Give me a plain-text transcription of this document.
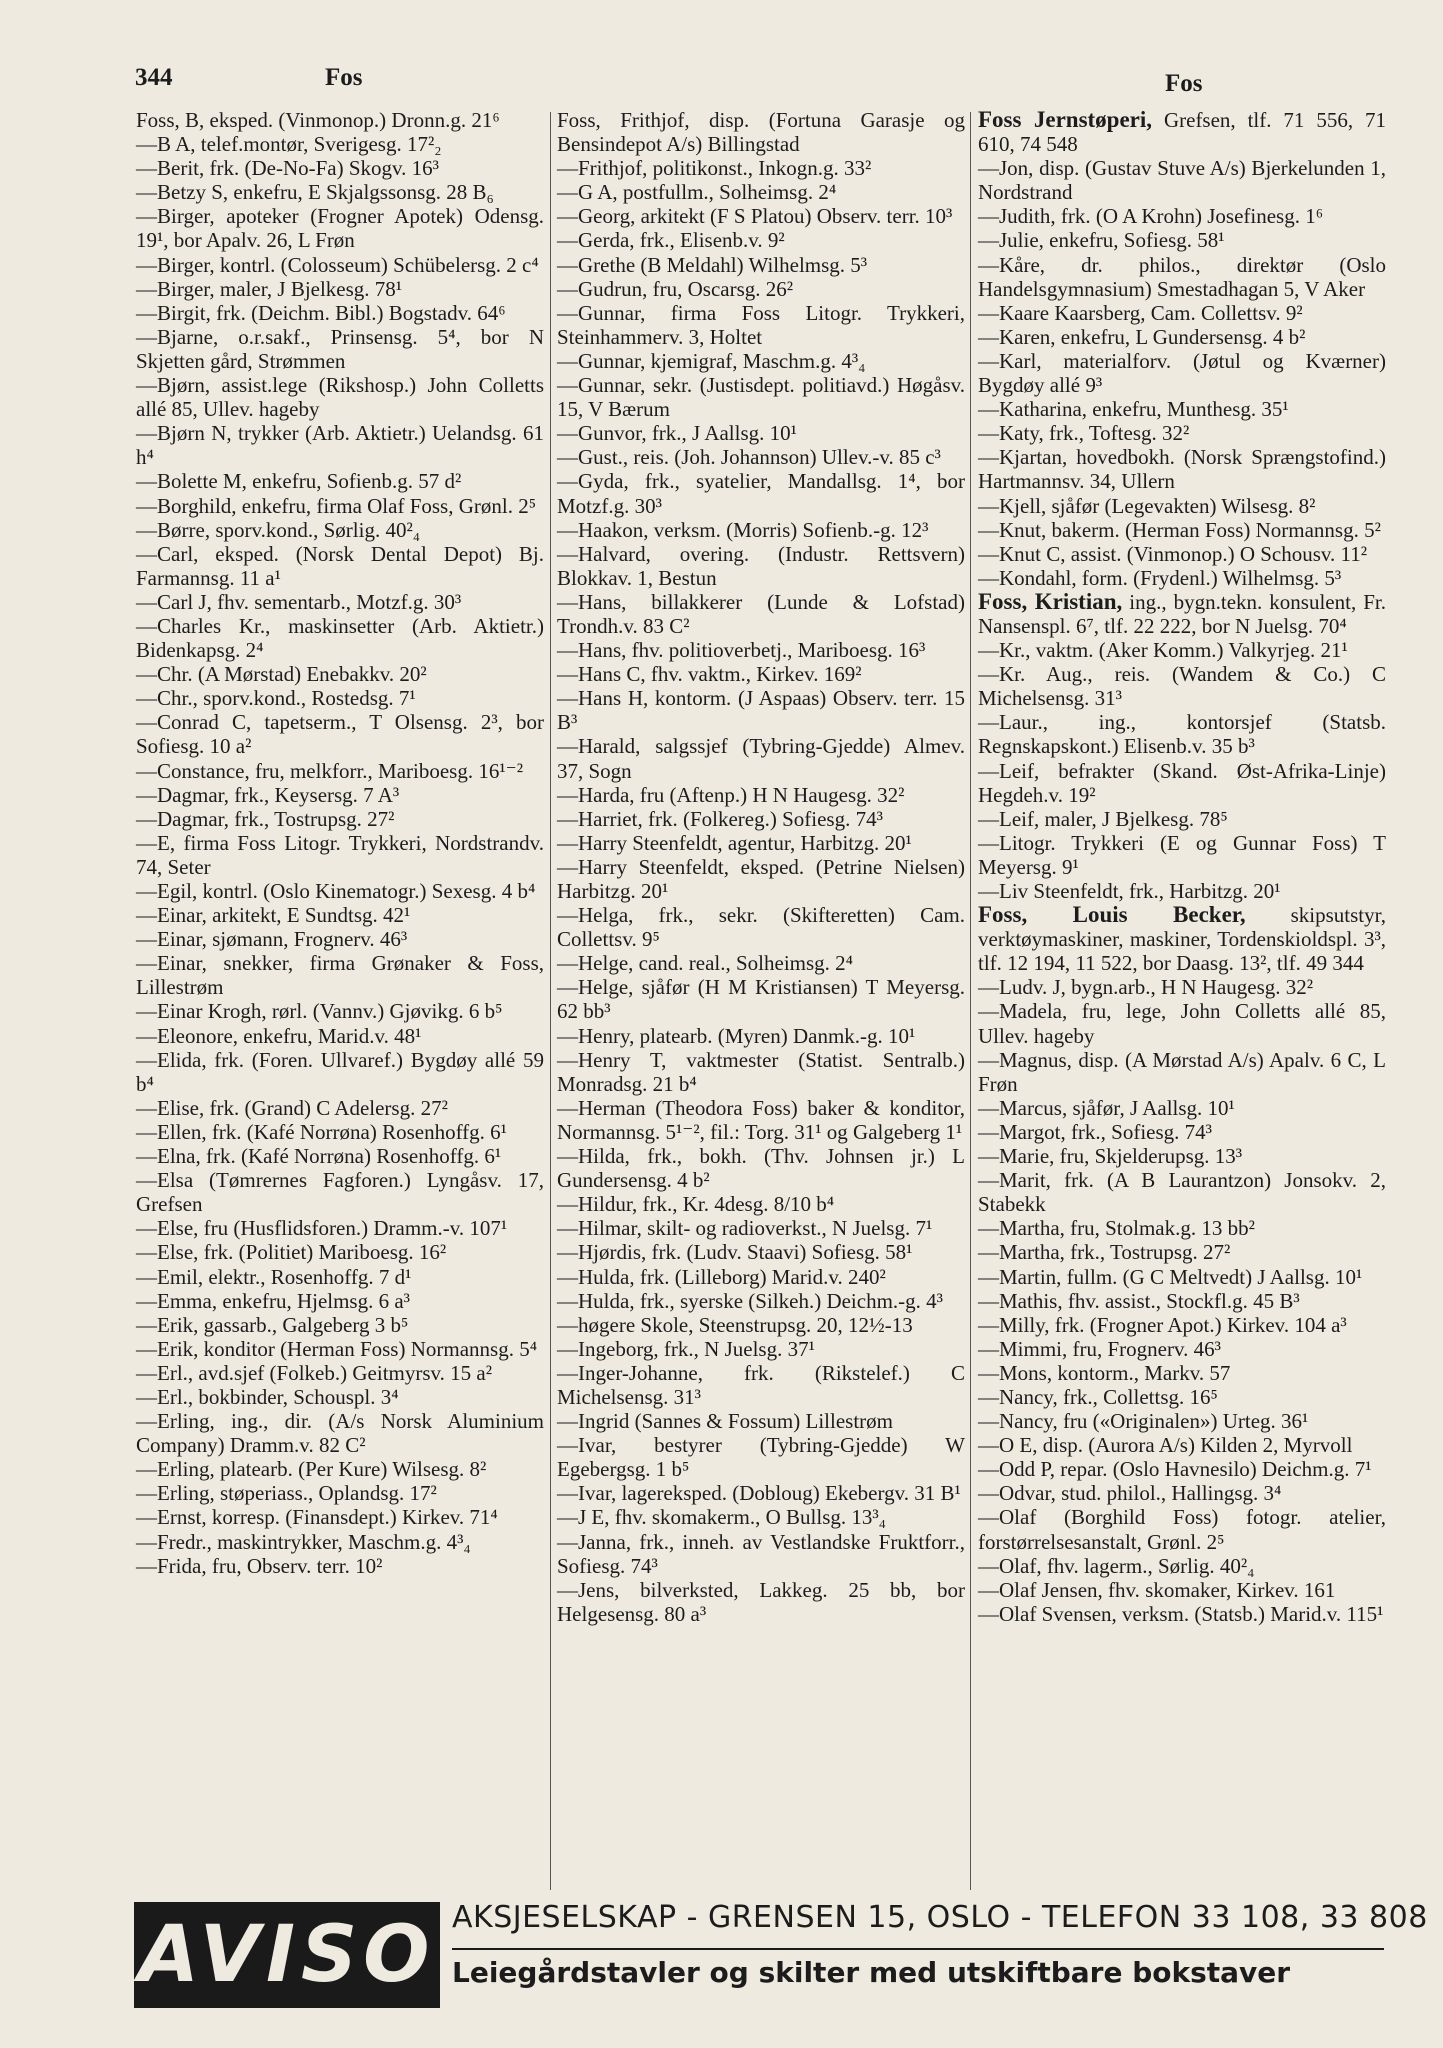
344	Fos	Fos
Foss, B, eksped. (Vinmonop.) Dronn.g. 21⁶
—B A, telef.montør, Sverigesg. 17²₂
—Berit, frk. (De-No-Fa) Skogv. 16³
—Betzy S, enkefru, E Skjalgssonsg. 28 B₆
—Birger, apoteker (Frogner Apotek) Odensg. 19¹, bor Apalv. 26, L Frøn
—Birger, kontrl. (Colosseum) Schübelersg. 2 c⁴
—Birger, maler, J Bjelkesg. 78¹
—Birgit, frk. (Deichm. Bibl.) Bogstadv. 64⁶
—Bjarne, o.r.sakf., Prinsensg. 5⁴, bor N Skjetten gård, Strømmen
—Bjørn, assist.lege (Rikshosp.) John Colletts allé 85, Ullev. hageby
—Bjørn N, trykker (Arb. Aktietr.) Uelandsg. 61 h⁴
—Bolette M, enkefru, Sofienb.g. 57 d²
—Borghild, enkefru, firma Olaf Foss, Grønl. 2⁵
—Børre, sporv.kond., Sørlig. 40²₄
—Carl, eksped. (Norsk Dental Depot) Bj. Farmannsg. 11 a¹
—Carl J, fhv. sementarb., Motzf.g. 30³
—Charles Kr., maskinsetter (Arb. Aktietr.) Bidenkapsg. 2⁴
—Chr. (A Mørstad) Enebakkv. 20²
—Chr., sporv.kond., Rostedsg. 7¹
—Conrad C, tapetserm., T Olsensg. 2³, bor Sofiesg. 10 a²
—Constance, fru, melkforr., Mariboesg. 16¹⁻²
—Dagmar, frk., Keysersg. 7 A³
—Dagmar, frk., Tostrupsg. 27²
—E, firma Foss Litogr. Trykkeri, Nordstrandv. 74, Seter
—Egil, kontrl. (Oslo Kinematogr.) Sexesg. 4 b⁴
—Einar, arkitekt, E Sundtsg. 42¹
—Einar, sjømann, Frognerv. 46³
—Einar, snekker, firma Grønaker & Foss, Lillestrøm
—Einar Krogh, rørl. (Vannv.) Gjøvikg. 6 b⁵
—Eleonore, enkefru, Marid.v. 48¹
—Elida, frk. (Foren. Ullvaref.) Bygdøy allé 59 b⁴
—Elise, frk. (Grand) C Adelersg. 27²
—Ellen, frk. (Kafé Norrøna) Rosenhoffg. 6¹
—Elna, frk. (Kafé Norrøna) Rosenhoffg. 6¹
—Elsa (Tømrernes Fagforen.) Lyngåsv. 17, Grefsen
—Else, fru (Husflidsforen.) Dramm.-v. 107¹
—Else, frk. (Politiet) Mariboesg. 16²
—Emil, elektr., Rosenhoffg. 7 d¹
—Emma, enkefru, Hjelmsg. 6 a³
—Erik, gassarb., Galgeberg 3 b⁵
—Erik, konditor (Herman Foss) Normannsg. 5⁴
—Erl., avd.sjef (Folkeb.) Geitmyrsv. 15 a²
—Erl., bokbinder, Schouspl. 3⁴
—Erling, ing., dir. (A/s Norsk Aluminium Company) Dramm.v. 82 C²
—Erling, platearb. (Per Kure) Wilsesg. 8²
—Erling, støperiass., Oplandsg. 17²
—Ernst, korresp. (Finansdept.) Kirkev. 71⁴
—Fredr., maskintrykker, Maschm.g. 4³₄
—Frida, fru, Observ. terr. 10²
Foss, Frithjof, disp. (Fortuna Garasje og Bensindepot A/s) Billingstad
—Frithjof, politikonst., Inkogn.g. 33²
—G A, postfullm., Solheimsg. 2⁴
—Georg, arkitekt (F S Platou) Observ. terr. 10³
—Gerda, frk., Elisenb.v. 9²
—Grethe (B Meldahl) Wilhelmsg. 5³
—Gudrun, fru, Oscarsg. 26²
—Gunnar, firma Foss Litogr. Trykkeri, Steinhammerv. 3, Holtet
—Gunnar, kjemigraf, Maschm.g. 4³₄
—Gunnar, sekr. (Justisdept. politiavd.) Høgåsv. 15, V Bærum
—Gunvor, frk., J Aallsg. 10¹
—Gust., reis. (Joh. Johannson) Ullev.-v. 85 c³
—Gyda, frk., syatelier, Mandallsg. 1⁴, bor Motzf.g. 30³
—Haakon, verksm. (Morris) Sofienb.-g. 12³
—Halvard, overing. (Industr. Rettsvern) Blokkav. 1, Bestun
—Hans, billakkerer (Lunde & Lofstad) Trondh.v. 83 C²
—Hans, fhv. politioverbetj., Mariboesg. 16³
—Hans C, fhv. vaktm., Kirkev. 169²
—Hans H, kontorm. (J Aspaas) Observ. terr. 15 B³
—Harald, salgssjef (Tybring-Gjedde) Almev. 37, Sogn
—Harda, fru (Aftenp.) H N Haugesg. 32²
—Harriet, frk. (Folkereg.) Sofiesg. 74³
—Harry Steenfeldt, agentur, Harbitzg. 20¹
—Harry Steenfeldt, eksped. (Petrine Nielsen) Harbitzg. 20¹
—Helga, frk., sekr. (Skifteretten) Cam. Collettsv. 9⁵
—Helge, cand. real., Solheimsg. 2⁴
—Helge, sjåfør (H M Kristiansen) T Meyersg. 62 bb³
—Henry, platearb. (Myren) Danmk.-g. 10¹
—Henry T, vaktmester (Statist. Sentralb.) Monradsg. 21 b⁴
—Herman (Theodora Foss) baker & konditor, Normannsg. 5¹⁻², fil.: Torg. 31¹ og Galgeberg 1¹
—Hilda, frk., bokh. (Thv. Johnsen jr.) L Gundersensg. 4 b²
—Hildur, frk., Kr. 4desg. 8/10 b⁴
—Hilmar, skilt- og radioverkst., N Juelsg. 7¹
—Hjørdis, frk. (Ludv. Staavi) Sofiesg. 58¹
—Hulda, frk. (Lilleborg) Marid.v. 240²
—Hulda, frk., syerske (Silkeh.) Deichm.-g. 4³
—høgere Skole, Steenstrupsg. 20, 12½-13
—Ingeborg, frk., N Juelsg. 37¹
—Inger-Johanne, frk. (Rikstelef.) C Michelsensg. 31³
—Ingrid (Sannes & Fossum) Lillestrøm
—Ivar, bestyrer (Tybring-Gjedde) W Egebergsg. 1 b⁵
—Ivar, lagereksped. (Dobloug) Ekebergv. 31 B¹
—J E, fhv. skomakerm., O Bullsg. 13³₄
—Janna, frk., inneh. av Vestlandske Fruktforr., Sofiesg. 74³
—Jens, bilverksted, Lakkeg. 25 bb, bor Helgesensg. 80 a³
Foss Jernstøperi, Grefsen, tlf. 71 556, 71 610, 74 548
—Jon, disp. (Gustav Stuve A/s) Bjerkelunden 1, Nordstrand
—Judith, frk. (O A Krohn) Josefinesg. 1⁶
—Julie, enkefru, Sofiesg. 58¹
—Kåre, dr. philos., direktør (Oslo Handelsgymnasium) Smestadhagan 5, V Aker
—Kaare Kaarsberg, Cam. Collettsv. 9²
—Karen, enkefru, L Gundersensg. 4 b²
—Karl, materialforv. (Jøtul og Kværner) Bygdøy allé 9³
—Katharina, enkefru, Munthesg. 35¹
—Katy, frk., Toftesg. 32²
—Kjartan, hovedbokh. (Norsk Sprængstofind.) Hartmannsv. 34, Ullern
—Kjell, sjåfør (Legevakten) Wilsesg. 8²
—Knut, bakerm. (Herman Foss) Normannsg. 5²
—Knut C, assist. (Vinmonop.) O Schousv. 11²
—Kondahl, form. (Frydenl.) Wilhelmsg. 5³
Foss, Kristian, ing., bygn.tekn. konsulent, Fr. Nansenspl. 6⁷, tlf. 22 222, bor N Juelsg. 70⁴
—Kr., vaktm. (Aker Komm.) Valkyrjeg. 21¹
—Kr. Aug., reis. (Wandem & Co.) C Michelsensg. 31³
—Laur., ing., kontorsjef (Statsb. Regnskapskont.) Elisenb.v. 35 b³
—Leif, befrakter (Skand. Øst-Afrika-Linje) Hegdeh.v. 19²
—Leif, maler, J Bjelkesg. 78⁵
—Litogr. Trykkeri (E og Gunnar Foss) T Meyersg. 9¹
—Liv Steenfeldt, frk., Harbitzg. 20¹
Foss, Louis Becker, skipsutstyr, verktøymaskiner, maskiner, Tordenskioldspl. 3³, tlf. 12 194, 11 522, bor Daasg. 13², tlf. 49 344
—Ludv. J, bygn.arb., H N Haugesg. 32²
—Madela, fru, lege, John Colletts allé 85, Ullev. hageby
—Magnus, disp. (A Mørstad A/s) Apalv. 6 C, L Frøn
—Marcus, sjåfør, J Aallsg. 10¹
—Margot, frk., Sofiesg. 74³
—Marie, fru, Skjelderupsg. 13³
—Marit, frk. (A B Laurantzon) Jonsokv. 2, Stabekk
—Martha, fru, Stolmak.g. 13 bb²
—Martha, frk., Tostrupsg. 27²
—Martin, fullm. (G C Meltvedt) J Aallsg. 10¹
—Mathis, fhv. assist., Stockfl.g. 45 B³
—Milly, frk. (Frogner Apot.) Kirkev. 104 a³
—Mimmi, fru, Frognerv. 46³
—Mons, kontorm., Markv. 57
—Nancy, frk., Collettsg. 16⁵
—Nancy, fru («Originalen») Urteg. 36¹
—O E, disp. (Aurora A/s) Kilden 2, Myrvoll
—Odd P, repar. (Oslo Havnesilo) Deichm.g. 7¹
—Odvar, stud. philol., Hallingsg. 3⁴
—Olaf (Borghild Foss) fotogr. atelier, forstørrelsesanstalt, Grønl. 2⁵
—Olaf, fhv. lagerm., Sørlig. 40²₄
—Olaf Jensen, fhv. skomaker, Kirkev. 161
—Olaf Svensen, verksm. (Statsb.) Marid.v. 115¹
AVISO AKSJESELSKAP - GRENSEN 15, OSLO - TELEFON 33 108, 33 808
Leiegårdstavler og skilter med utskiftbare bokstaver
